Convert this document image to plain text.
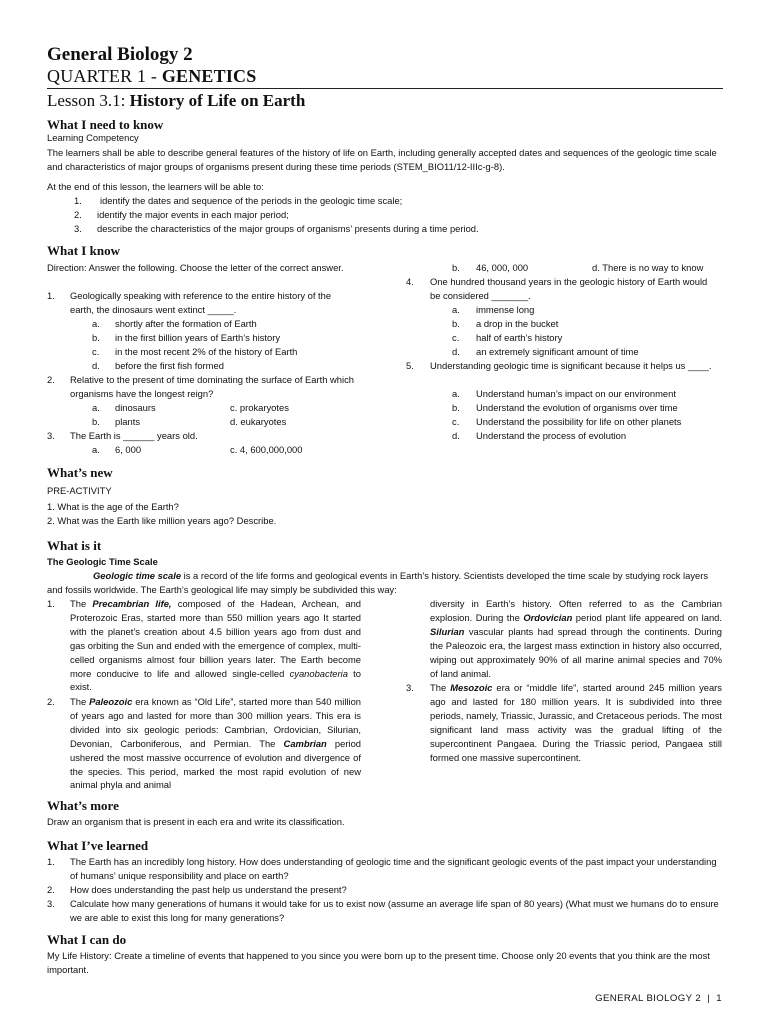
General Biology 2
QUARTER 1 - GENETICS
Lesson 3.1: History of Life on Earth
What I need to know
Learning Competency
The learners shall be able to describe general features of the history of life on Earth, including generally accepted dates and sequences of the geologic time scale and characteristics of major groups of organisms present during these time periods (STEM_BIO11/12-IIIc-g-8).
At the end of this lesson, the learners will be able to:
1. identify the dates and sequence of the periods in the geologic time scale;
2. identify the major events in each major period;
3. describe the characteristics of the major groups of organisms’ presents during a time period.
What I know
Direction: Answer the following. Choose the letter of the correct answer.
1. Geologically speaking with reference to the entire history of the earth, the dinosaurs went extinct _____.
a. shortly after the formation of Earth
b. in the first billion years of Earth’s history
c. in the most recent 2% of the history of Earth
d. before the first fish formed
2. Relative to the present of time dominating the surface of Earth which organisms have the longest reign?
a. dinosaurs	c. prokaryotes
b. plants	d. eukaryotes
3. The Earth is ______ years old.
a. 6, 000	c. 4, 600,000,000
b. 46, 000, 000	d. There is no way to know
4. One hundred thousand years in the geologic history of Earth would be considered _______.
a. immense long
b. a drop in the bucket
c. half of earth’s history
d. an extremely significant amount of time
5. Understanding geologic time is significant because it helps us ____.
a. Understand human’s impact on our environment
b. Understand the evolution of organisms over time
c. Understand the possibility for life on other planets
d. Understand the process of evolution
What’s new
PRE-ACTIVITY
1. What is the age of the Earth?
2. What was the Earth like million years ago? Describe.
What is it
The Geologic Time Scale
Geologic time scale is a record of the life forms and geological events in Earth’s history. Scientists developed the time scale by studying rock layers and fossils worldwide. The Earth’s geological life may simply be subdivided this way:
1. The Precambrian life, composed of the Hadean, Archean, and Proterozoic Eras, started more than 550 million years ago It started with the planet’s creation about 4.5 billion years ago from dust and gas orbiting the Sun and ended with the emergence of complex, multi-celled organisms almost four billion years later. The Earth become more conducive to life and allowed single-celled cyanobacteria to exist.
2. The Paleozoic era known as “Old Life”, started more than 540 million of years ago and lasted for more than 300 million years. This era is divided into six geologic periods: Cambrian, Ordovician, Silurian, Devonian, Carboniferous, and Permian. The Cambrian period ushered the most massive occurrence of evolution and divergence of the species. This period, marked the most rapid evolution of new animal phyla and animal
diversity in Earth’s history. Often referred to as the Cambrian explosion. During the Ordovician period plant life appeared on land. Silurian vascular plants had spread through the continents. During the Paleozoic era, the largest mass extinction in history also occurred, wiping out approximately 90% of all marine animal species and 70% of land animal.
3. The Mesozoic era or “middle life”, started around 245 million years ago and lasted for 180 million years. It is subdivided into three periods, namely, Triassic, Jurassic, and Cretaceous periods. The most significant land mass activity was the gradual lifting of the supercontinent Pangaea. During the Triassic period, Pangaea still formed one massive supercontinent.
What’s more
Draw an organism that is present in each era and write its classification.
What I’ve learned
1. The Earth has an incredibly long history. How does understanding of geologic time and the significant geologic events of the past impact your understanding of humans’ unique responsibility and place on earth?
2. How does understanding the past help us understand the present?
3. Calculate how many generations of humans it would take for us to exist now (assume an average life span of 80 years) (What must we humans do to ensure we are able to exist this long for many generations?
What I can do
My Life History: Create a timeline of events that happened to you since you were born up to the present time. Choose only 20 events that you think are the most important.
GENERAL BIOLOGY 2 | 1
